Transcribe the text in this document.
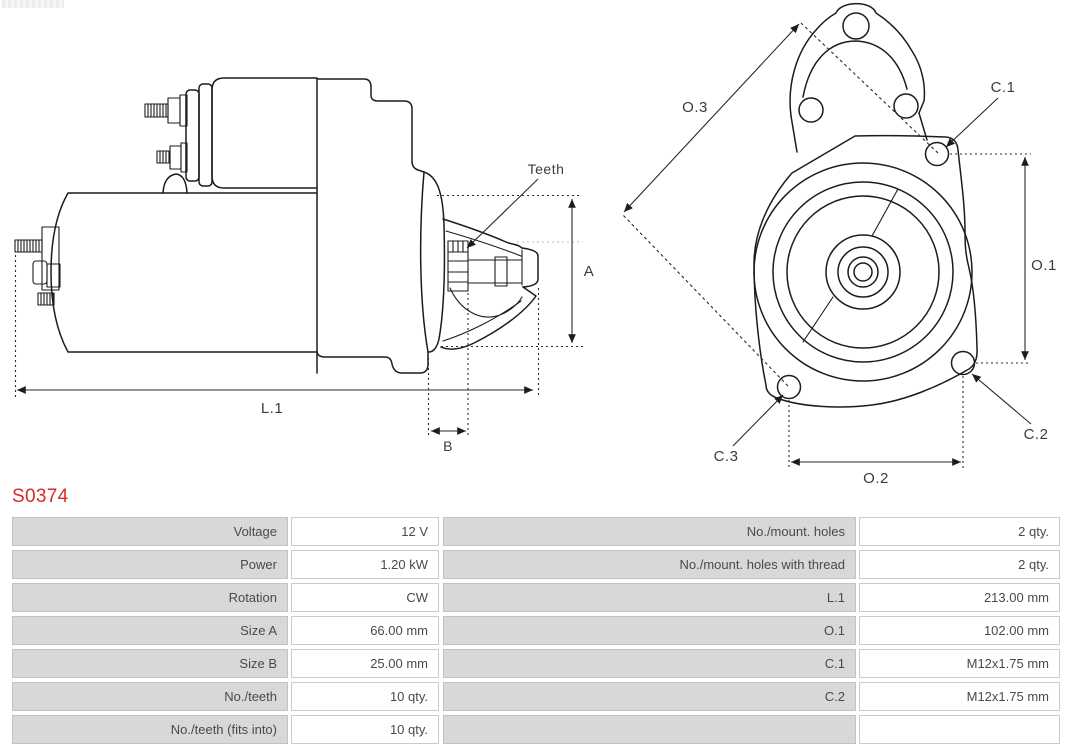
L.1
B
A
Teeth
O.3
C.1
O.1
C.2
C.3
O.2
S0374
Voltage	12 V	No./mount. holes	2 qty.
Power	1.20 kW	No./mount. holes with thread	2 qty.
Rotation	CW	L.1	213.00 mm
Size A	66.00 mm	O.1	102.00 mm
Size B	25.00 mm	C.1	M12x1.75 mm
No./teeth	10 qty.	C.2	M12x1.75 mm
No./teeth (fits into)	10 qty.
